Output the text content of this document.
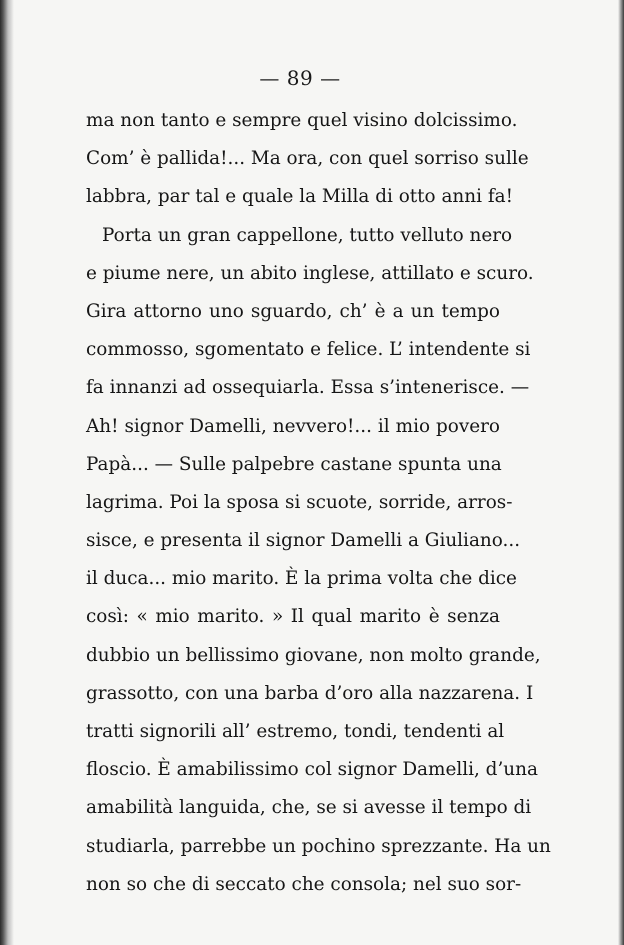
— 89 —
ma non tanto e sempre quel visino dolcissimo.
Com’ è pallida!... Ma ora, con quel sorriso sulle
labbra, par tal e quale la Milla di otto anni fa!
Porta un gran cappellone, tutto velluto nero
e piume nere, un abito inglese, attillato e scuro.
Gira attorno uno sguardo, ch’ è a un tempo
commosso, sgomentato e felice. L’ intendente si
fa innanzi ad ossequiarla. Essa s’intenerisce. —
Ah! signor Damelli, nevvero!... il mio povero
Papà... — Sulle palpebre castane spunta una
lagrima. Poi la sposa si scuote, sorride, arros-
sisce, e presenta il signor Damelli a Giuliano...
il duca... mio marito. È la prima volta che dice
così: « mio marito. » Il qual marito è senza
dubbio un bellissimo giovane, non molto grande,
grassotto, con una barba d’oro alla nazzarena. I
tratti signorili all’ estremo, tondi, tendenti al
floscio. È amabilissimo col signor Damelli, d’una
amabilità languida, che, se si avesse il tempo di
studiarla, parrebbe un pochino sprezzante. Ha un
non so che di seccato che consola; nel suo sor-
